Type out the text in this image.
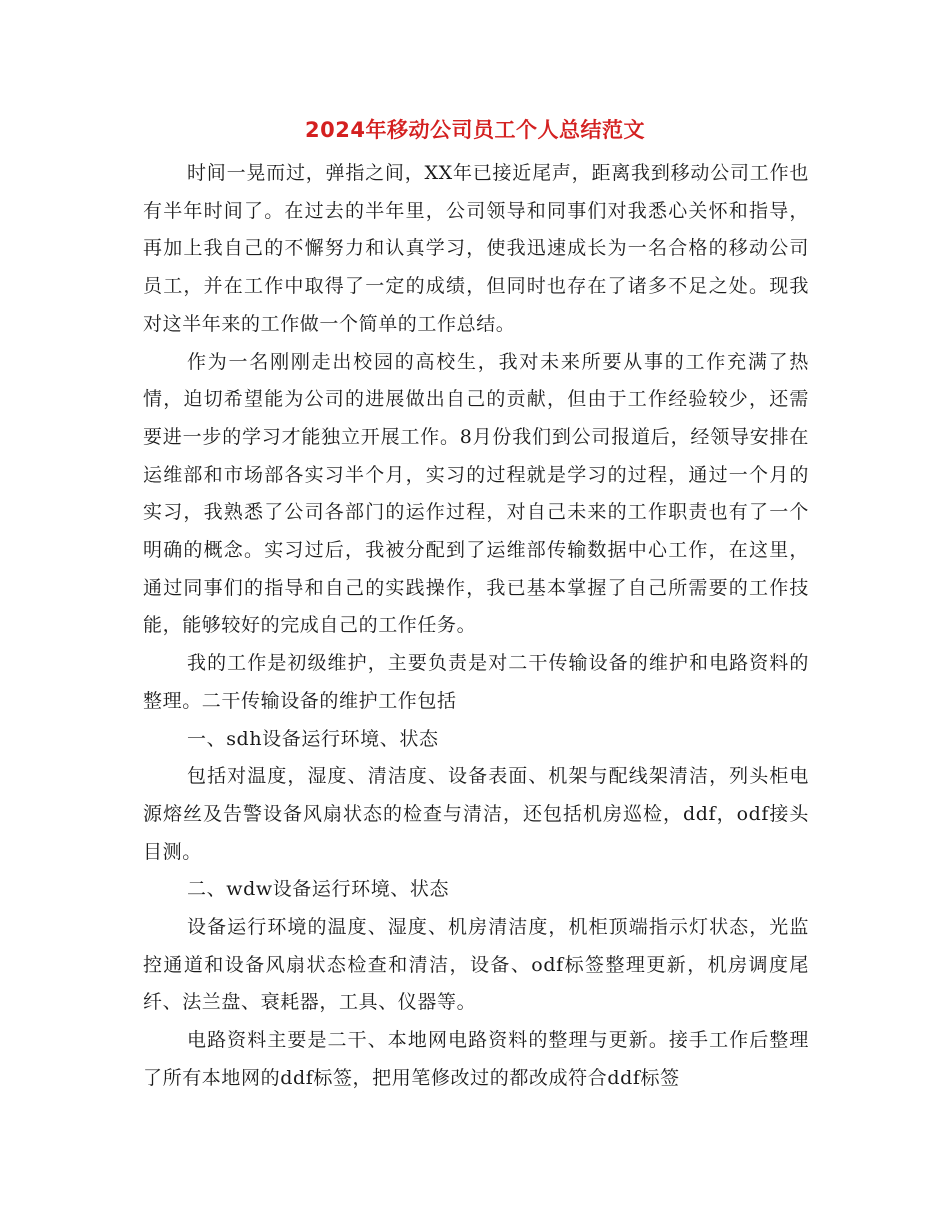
2024年移动公司员工个人总结范文

时间一晃而过，弹指之间，XX年已接近尾声，距离我到移动公司工作也有半年时间了。在过去的半年里，公司领导和同事们对我悉心关怀和指导，再加上我自己的不懈努力和认真学习，使我迅速成长为一名合格的移动公司员工，并在工作中取得了一定的成绩，但同时也存在了诸多不足之处。现我对这半年来的工作做一个简单的工作总结。

作为一名刚刚走出校园的高校生，我对未来所要从事的工作充满了热情，迫切希望能为公司的进展做出自己的贡献，但由于工作经验较少，还需要进一步的学习才能独立开展工作。8月份我们到公司报道后，经领导安排在运维部和市场部各实习半个月，实习的过程就是学习的过程，通过一个月的实习，我熟悉了公司各部门的运作过程，对自己未来的工作职责也有了一个明确的概念。实习过后，我被分配到了运维部传输数据中心工作，在这里，通过同事们的指导和自己的实践操作，我已基本掌握了自己所需要的工作技能，能够较好的完成自己的工作任务。

我的工作是初级维护，主要负责是对二干传输设备的维护和电路资料的整理。二干传输设备的维护工作包括

一、sdh设备运行环境、状态

包括对温度，湿度、清洁度、设备表面、机架与配线架清洁，列头柜电源熔丝及告警设备风扇状态的检查与清洁，还包括机房巡检，ddf，odf接头目测。

二、wdw设备运行环境、状态

设备运行环境的温度、湿度、机房清洁度，机柜顶端指示灯状态，光监控通道和设备风扇状态检查和清洁，设备、odf标签整理更新，机房调度尾纤、法兰盘、衰耗器，工具、仪器等。

电路资料主要是二干、本地网电路资料的整理与更新。接手工作后整理了所有本地网的ddf标签，把用笔修改过的都改成符合ddf标签
